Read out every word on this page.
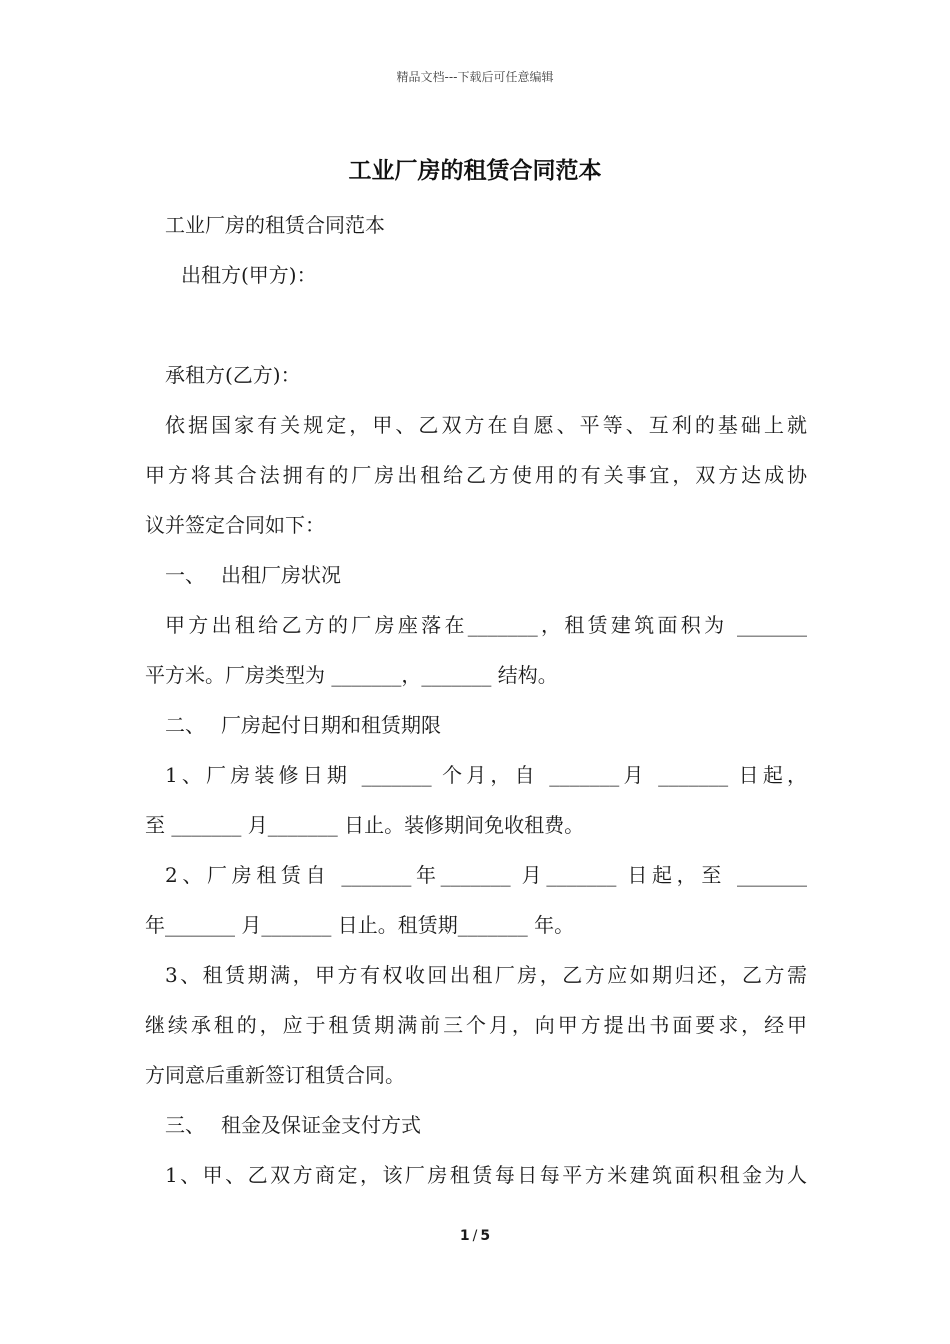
精品文档---下载后可任意编辑
工业厂房的租赁合同范本
工业厂房的租赁合同范本
出租方(甲方)：
承租方(乙方)：
依据国家有关规定，甲、乙双方在自愿、平等、互利的基础上就
甲方将其合法拥有的厂房出租给乙方使用的有关事宜，双方达成协
议并签定合同如下：
一、 出租厂房状况
甲方出租给乙方的厂房座落在_______，租赁建筑面积为 _______
平方米。厂房类型为 _______，_______ 结构。
二、 厂房起付日期和租赁期限
1、厂房装修日期 _______ 个月，自 _______月 _______ 日起，
至 _______ 月_______ 日止。装修期间免收租费。
2、厂房租赁自 _______年_______ 月_______ 日起，至 _______
年_______ 月_______ 日止。租赁期_______ 年。
3、租赁期满，甲方有权收回出租厂房，乙方应如期归还，乙方需
继续承租的，应于租赁期满前三个月，向甲方提出书面要求，经甲
方同意后重新签订租赁合同。
三、 租金及保证金支付方式
1、甲、乙双方商定，该厂房租赁每日每平方米建筑面积租金为人
1 / 5
